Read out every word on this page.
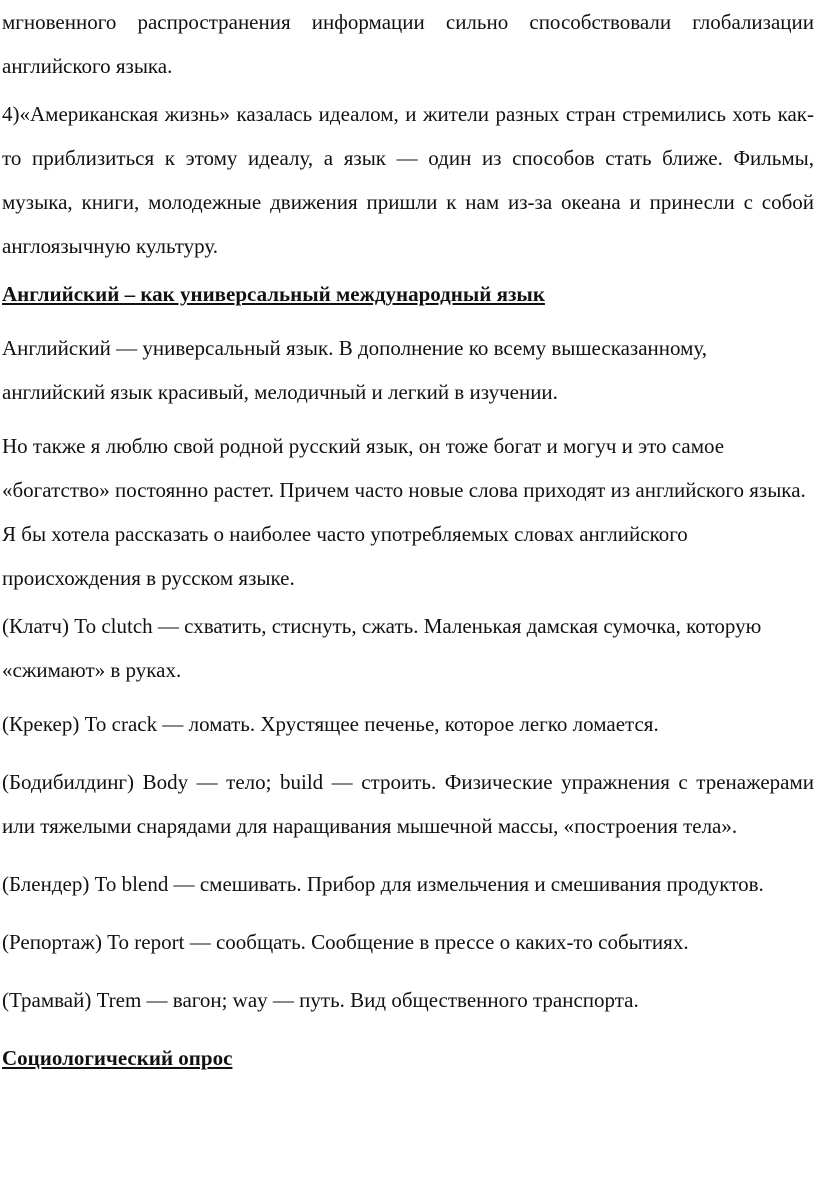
мгновенного распространения информации сильно способствовали глобализации английского языка.

4)«Американская жизнь» казалась идеалом, и жители разных стран стремились хоть как-то приблизиться к этому идеалу, а язык — один из способов стать ближе. Фильмы, музыка, книги, молодежные движения пришли к нам из-за океана и принесли с собой англоязычную культуру.

Английский – как универсальный международный язык

Английский — универсальный язык. В дополнение ко всему вышесказанному, английский язык красивый, мелодичный и легкий в изучении.

Но также я люблю свой родной русский язык, он тоже богат и могуч и это самое «богатство» постоянно растет. Причем часто новые слова приходят из английского языка. Я бы хотела рассказать о наиболее часто употребляемых словах английского происхождения в русском языке.

(Клатч) To clutch — схватить, стиснуть, сжать. Маленькая дамская сумочка, которую «сжимают» в руках.

(Крекер) To crack — ломать. Хрустящее печенье, которое легко ломается.

(Бодибилдинг) Body — тело; build — строить. Физические упражнения с тренажерами или тяжелыми снарядами для наращивания мышечной массы, «построения тела».

(Блендер) To blend — смешивать. Прибор для измельчения и смешивания продуктов.

(Репортаж) To report — сообщать. Сообщение в прессе о каких-то событиях.

(Трамвай) Trem — вагон; way — путь. Вид общественного транспорта.

Социологический опрос
